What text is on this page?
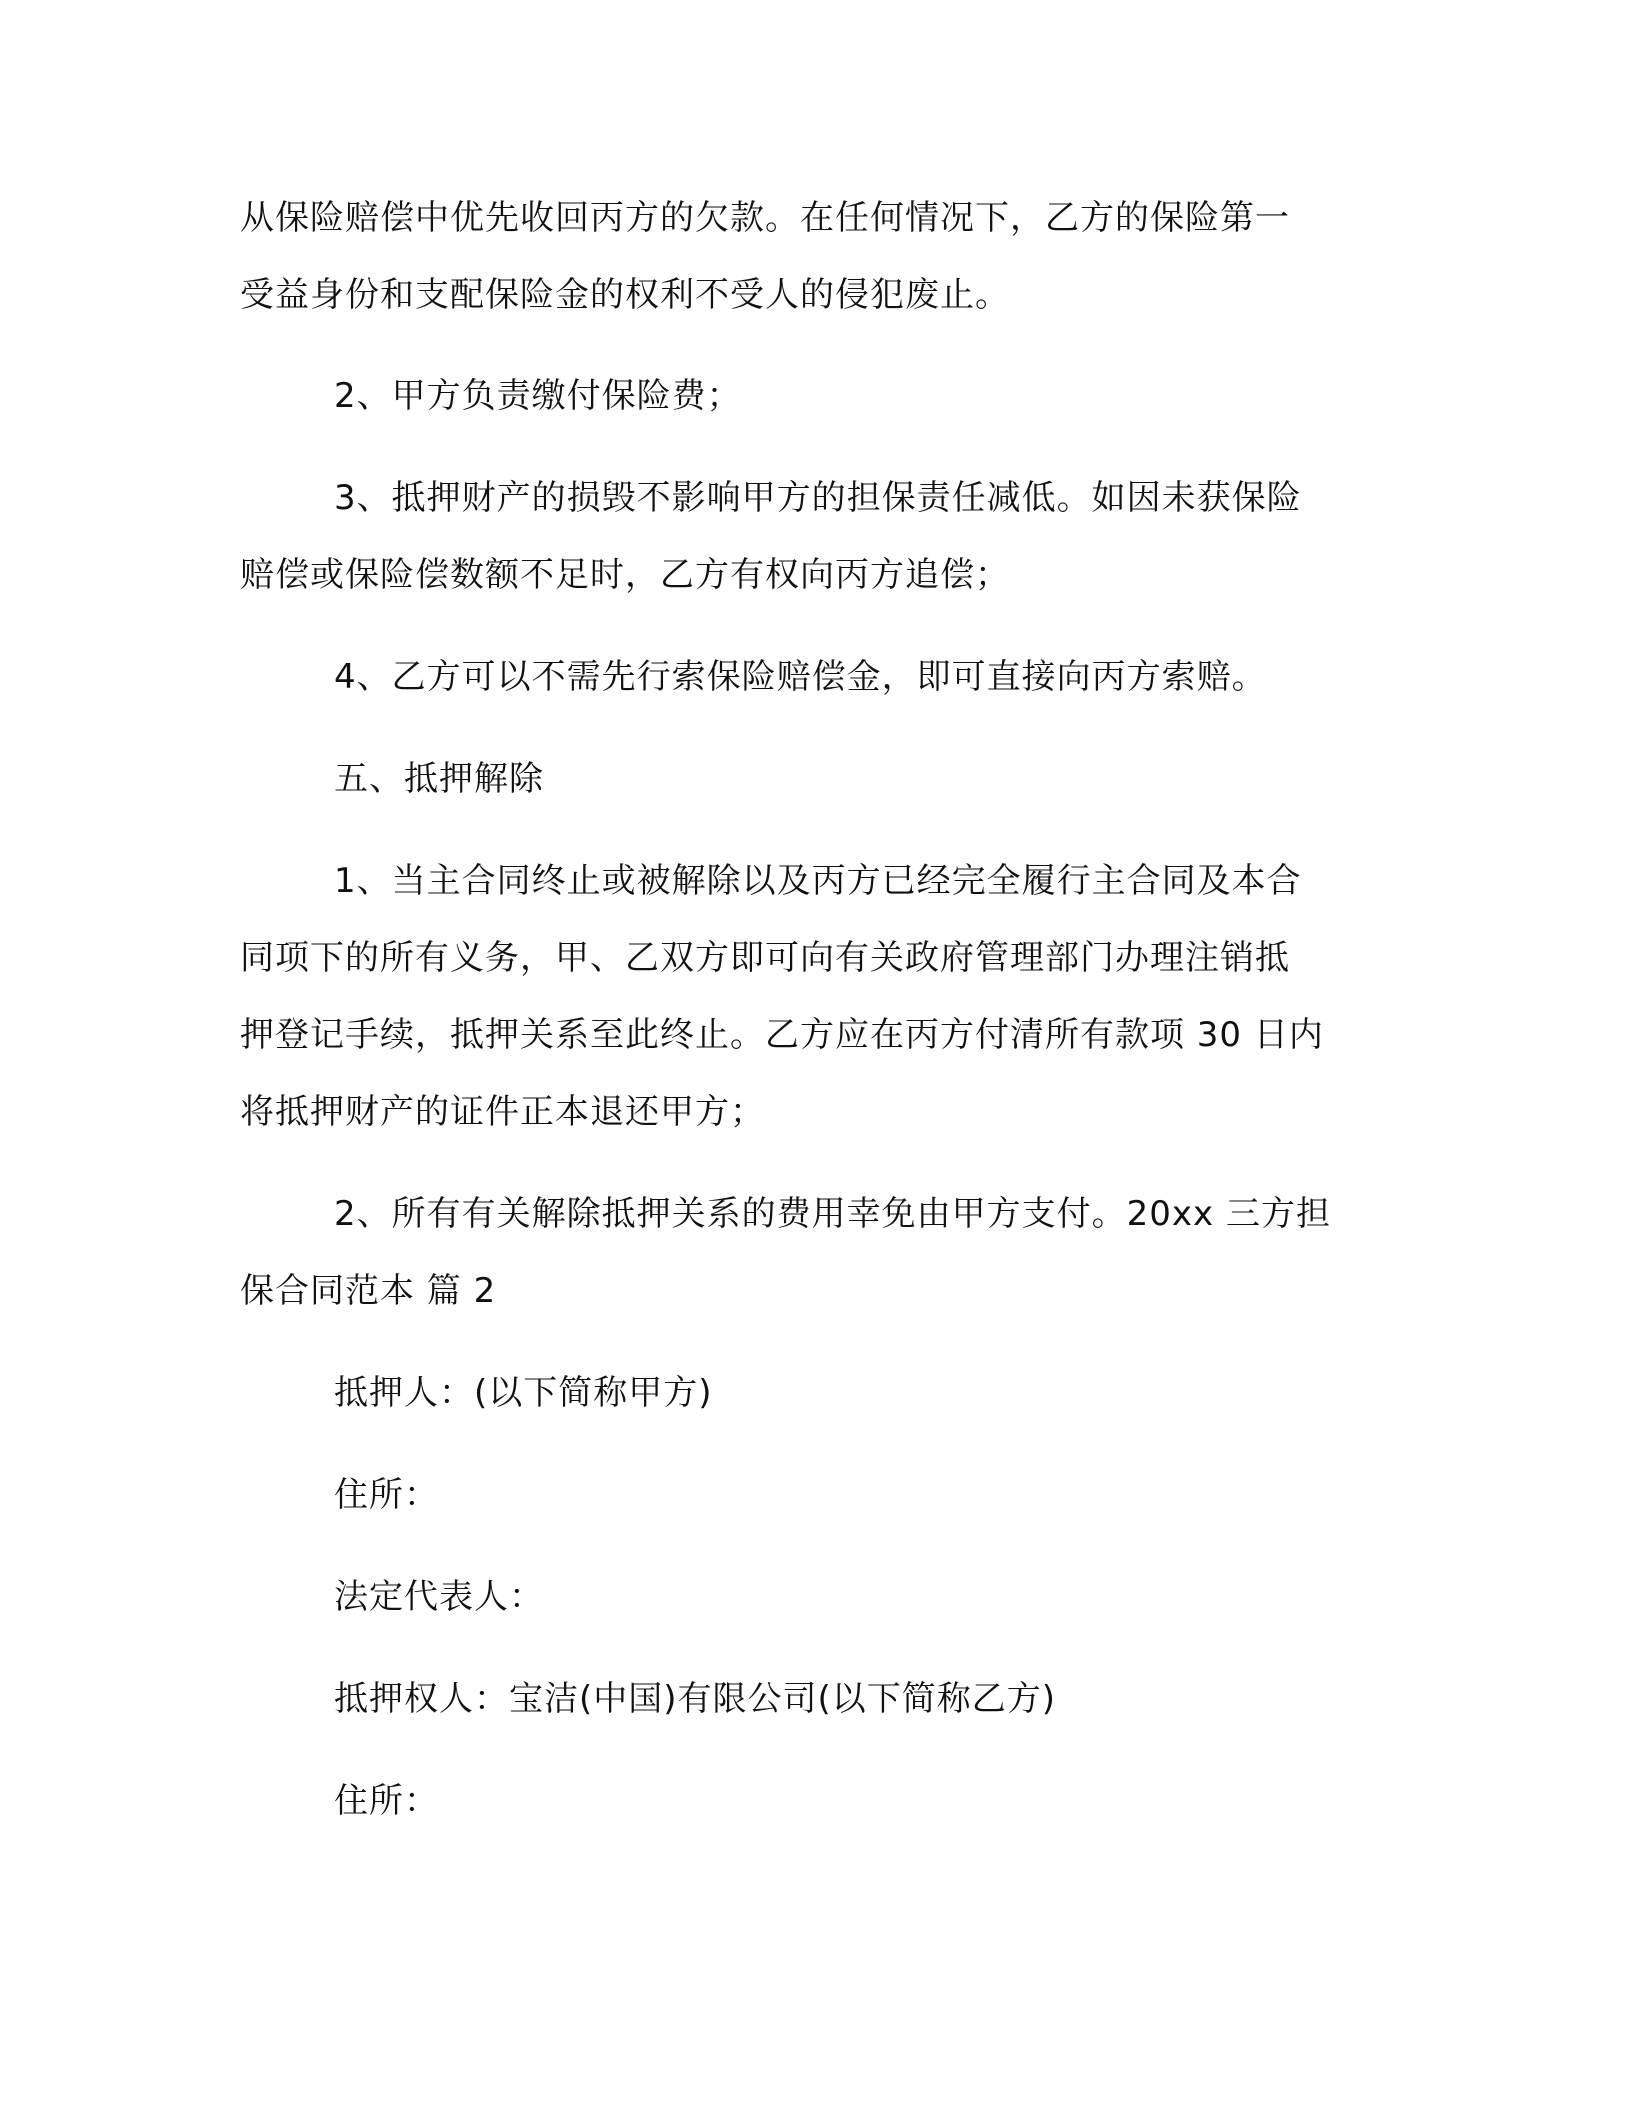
从保险赔偿中优先收回丙方的欠款。在任何情况下，乙方的保险第一
受益身份和支配保险金的权利不受人的侵犯废止。
2、甲方负责缴付保险费；
3、抵押财产的损毁不影响甲方的担保责任减低。如因未获保险
赔偿或保险偿数额不足时，乙方有权向丙方追偿；
4、乙方可以不需先行索保险赔偿金，即可直接向丙方索赔。
五、抵押解除
1、当主合同终止或被解除以及丙方已经完全履行主合同及本合
同项下的所有义务，甲、乙双方即可向有关政府管理部门办理注销抵
押登记手续，抵押关系至此终止。乙方应在丙方付清所有款项 30 日内
将抵押财产的证件正本退还甲方；
2、所有有关解除抵押关系的费用幸免由甲方支付。20xx 三方担
保合同范本 篇 2
抵押人：(以下简称甲方)
住所：
法定代表人：
抵押权人：宝洁(中国)有限公司(以下简称乙方)
住所：
